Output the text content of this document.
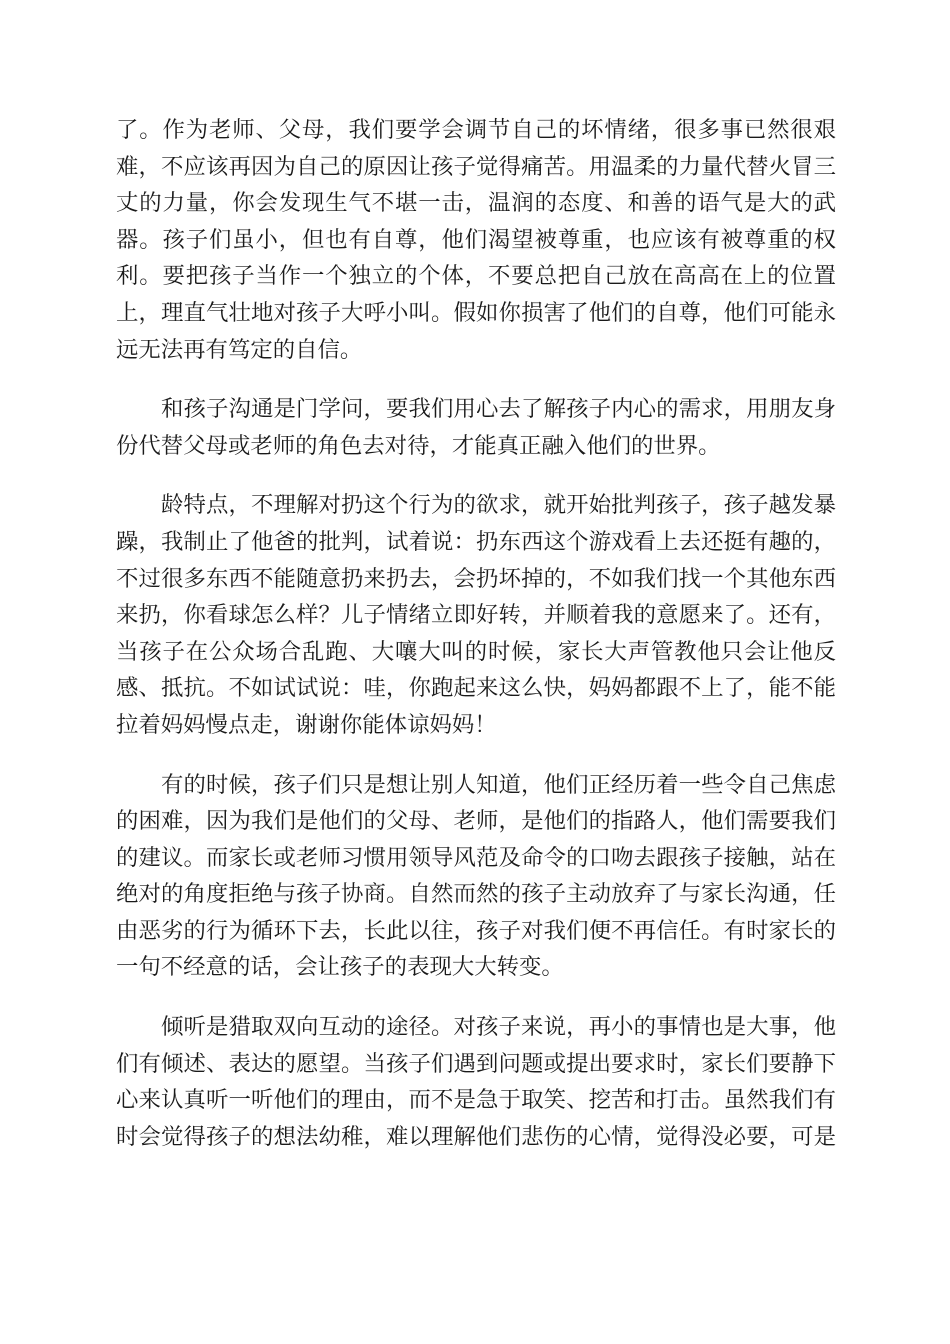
了。作为老师、父母，我们要学会调节自己的坏情绪，很多事已然很艰
难，不应该再因为自己的原因让孩子觉得痛苦。用温柔的力量代替火冒三
丈的力量，你会发现生气不堪一击，温润的态度、和善的语气是大的武
器。孩子们虽小，但也有自尊，他们渴望被尊重，也应该有被尊重的权
利。要把孩子当作一个独立的个体，不要总把自己放在高高在上的位置
上，理直气壮地对孩子大呼小叫。假如你损害了他们的自尊，他们可能永
远无法再有笃定的自信。
和孩子沟通是门学问，要我们用心去了解孩子内心的需求，用朋友身
份代替父母或老师的角色去对待，才能真正融入他们的世界。
龄特点，不理解对扔这个行为的欲求，就开始批判孩子，孩子越发暴
躁，我制止了他爸的批判，试着说：扔东西这个游戏看上去还挺有趣的，
不过很多东西不能随意扔来扔去，会扔坏掉的，不如我们找一个其他东西
来扔，你看球怎么样？儿子情绪立即好转，并顺着我的意愿来了。还有，
当孩子在公众场合乱跑、大嚷大叫的时候，家长大声管教他只会让他反
感、抵抗。不如试试说：哇，你跑起来这么快，妈妈都跟不上了，能不能
拉着妈妈慢点走，谢谢你能体谅妈妈！
有的时候，孩子们只是想让别人知道，他们正经历着一些令自己焦虑
的困难，因为我们是他们的父母、老师，是他们的指路人，他们需要我们
的建议。而家长或老师习惯用领导风范及命令的口吻去跟孩子接触，站在
绝对的角度拒绝与孩子协商。自然而然的孩子主动放弃了与家长沟通，任
由恶劣的行为循环下去，长此以往，孩子对我们便不再信任。有时家长的
一句不经意的话，会让孩子的表现大大转变。
倾听是猎取双向互动的途径。对孩子来说，再小的事情也是大事，他
们有倾述、表达的愿望。当孩子们遇到问题或提出要求时，家长们要静下
心来认真听一听他们的理由，而不是急于取笑、挖苦和打击。虽然我们有
时会觉得孩子的想法幼稚，难以理解他们悲伤的心情，觉得没必要，可是
